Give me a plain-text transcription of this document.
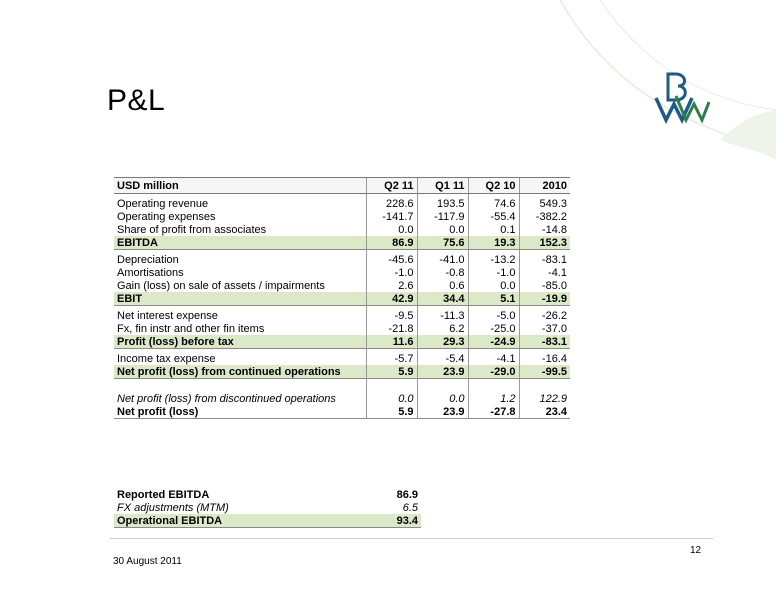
P&L
USD million	Q2 11	Q1 11	Q2 10	2010

Operating revenue	228.6	193.5	74.6	549.3
Operating expenses	-141.7	-117.9	-55.4	-382.2
Share of profit from associates	0.0	0.0	0.1	-14.8
EBITDA	86.9	75.6	19.3	152.3

Depreciation	-45.6	-41.0	-13.2	-83.1
Amortisations	-1.0	-0.8	-1.0	-4.1
Gain (loss) on sale of assets / impairments	2.6	0.6	0.0	-85.0
EBIT	42.9	34.4	5.1	-19.9

Net interest expense	-9.5	-11.3	-5.0	-26.2
Fx, fin instr and other fin items	-21.8	6.2	-25.0	-37.0
Profit (loss) before tax	11.6	29.3	-24.9	-83.1

Income tax expense	-5.7	-5.4	-4.1	-16.4
Net profit (loss) from continued operations	5.9	23.9	-29.0	-99.5

Net profit (loss) from discontinued operations	0.0	0.0	1.2	122.9
Net profit (loss)	5.9	23.9	-27.8	23.4
Reported EBITDA	86.9
FX adjustments (MTM)	6.5
Operational EBITDA	93.4
30 August 2011
12
